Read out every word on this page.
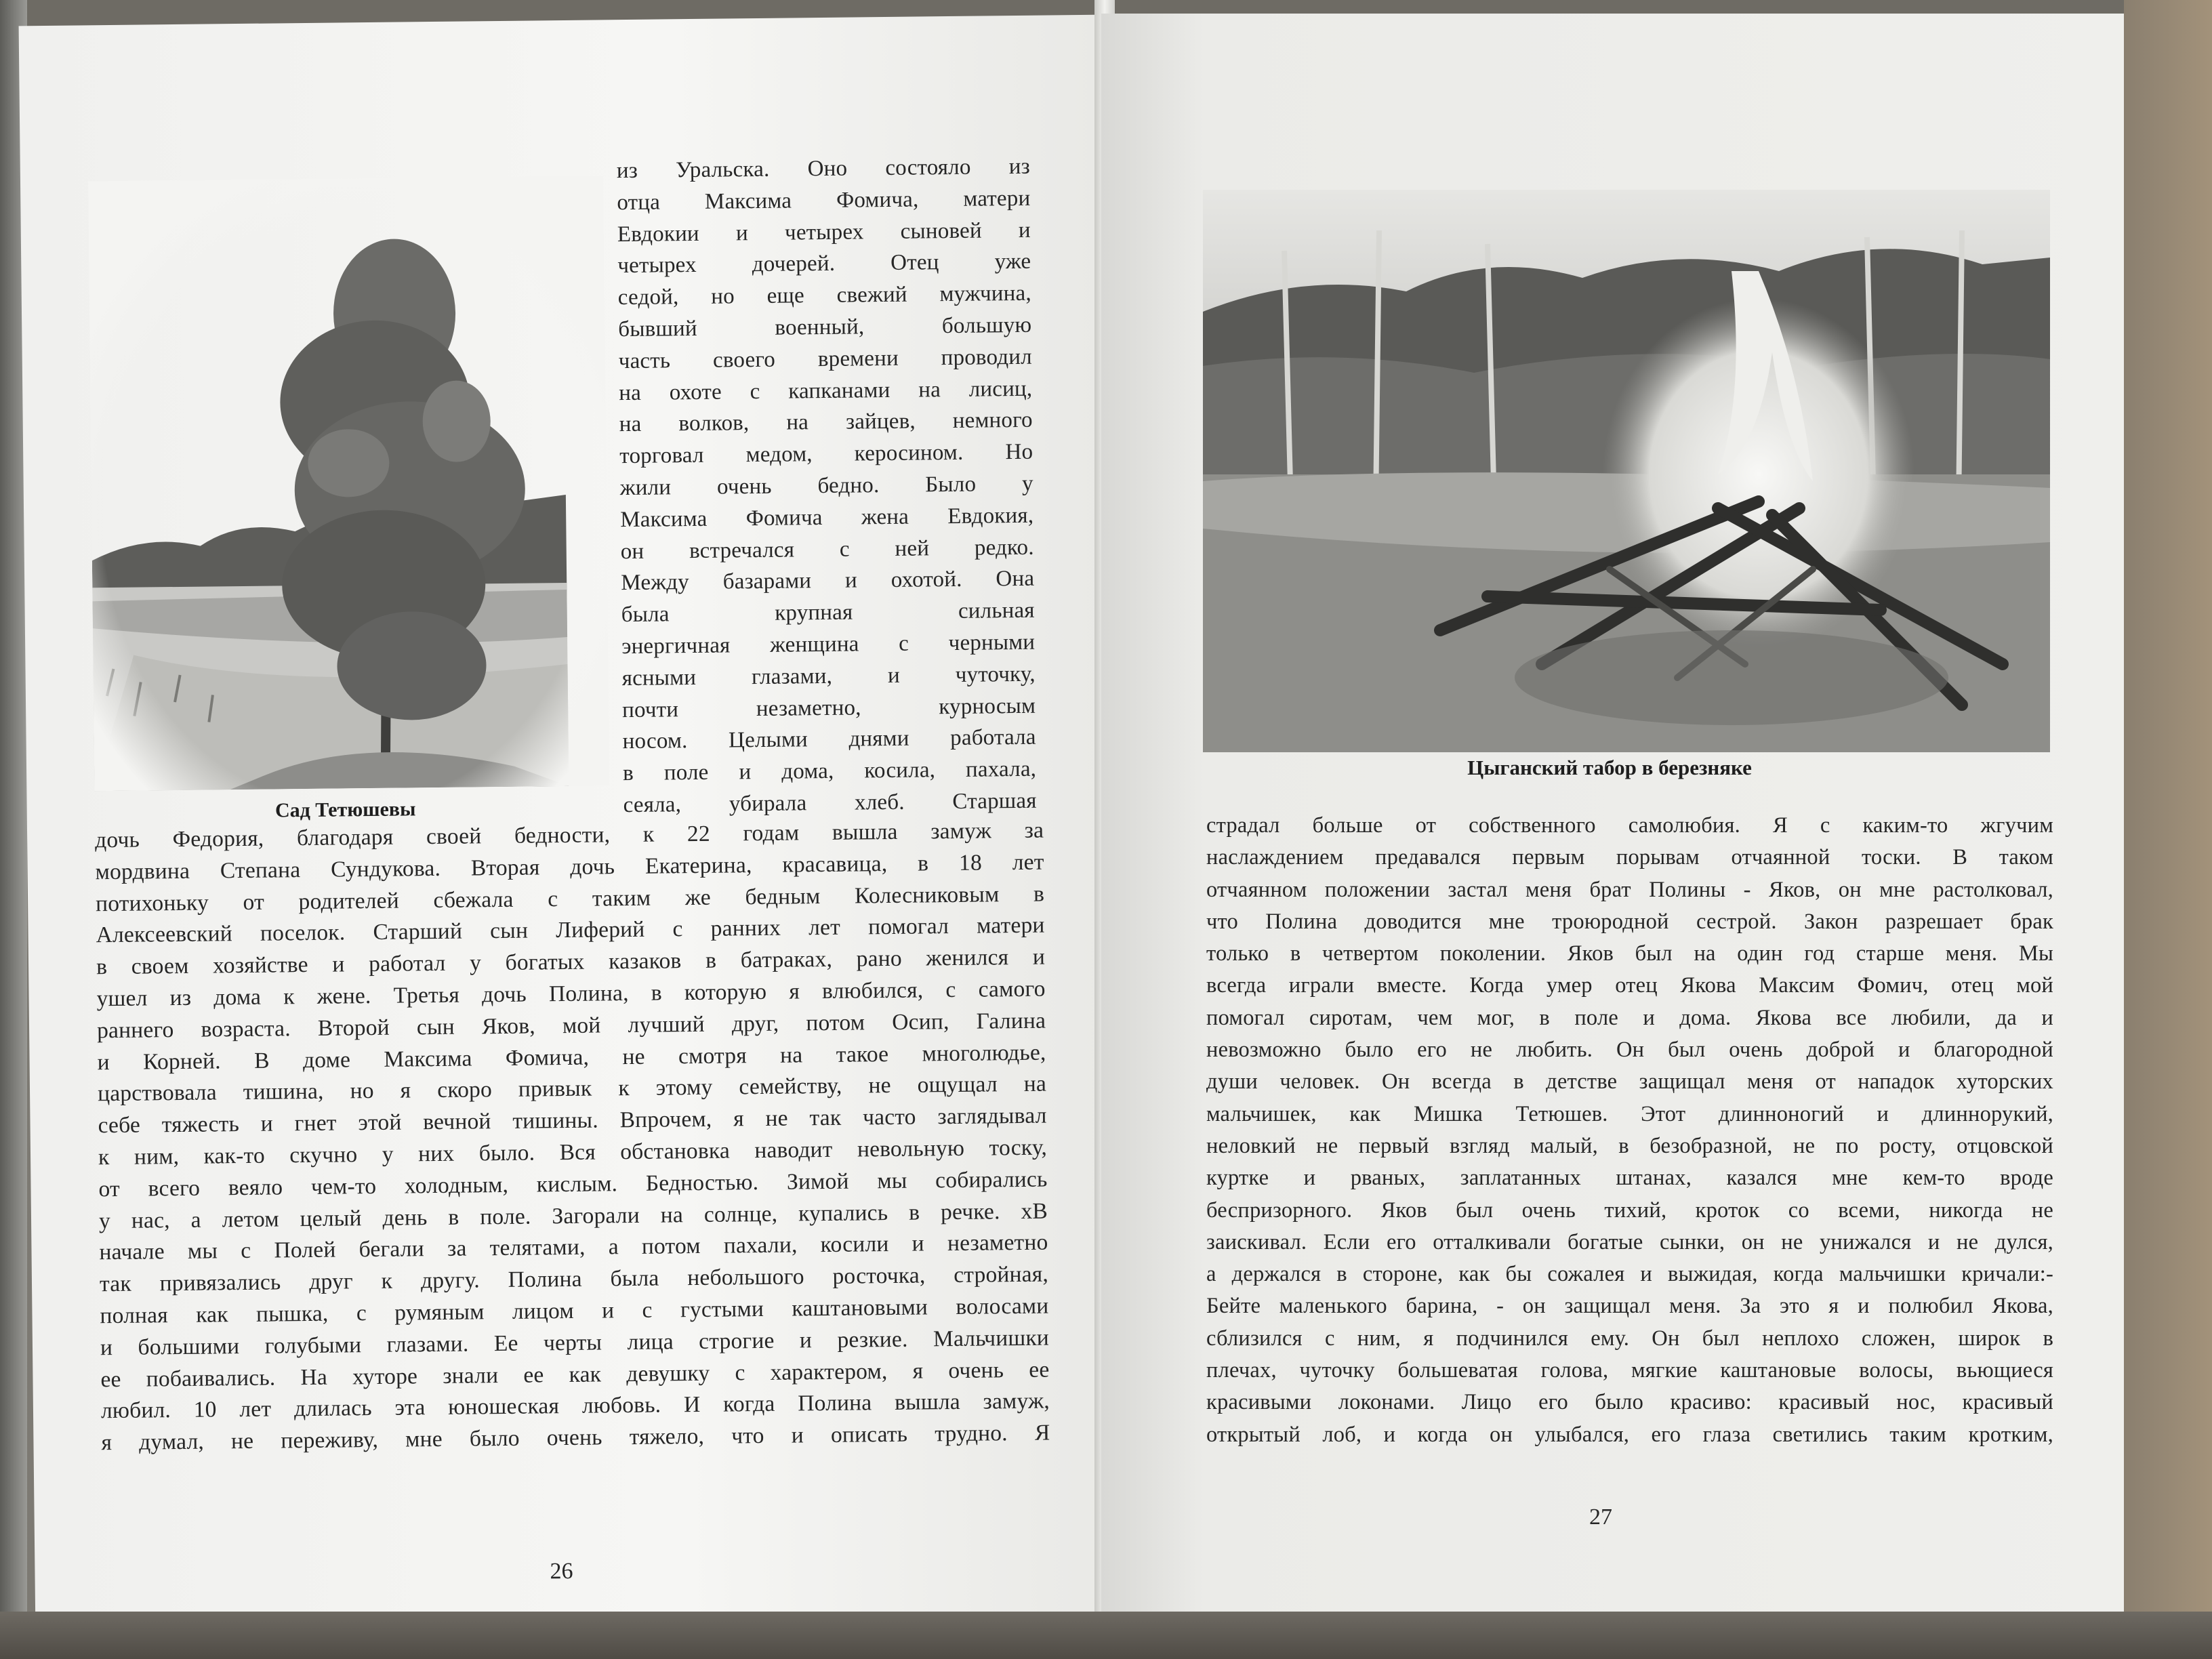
Сад Тетюшевы
из Уральска. Оно состояло из
отца Максима Фомича, матери
Евдокии и четырех сыновей и
четырех дочерей. Отец уже
седой, но еще свежий мужчина,
бывший военный, большую
часть своего времени проводил
на охоте с капканами на лисиц,
на волков, на зайцев, немного
торговал медом, керосином. Но
жили очень бедно. Было у
Максима Фомича жена Евдокия,
он встречался с ней редко.
Между базарами и охотой. Она
была крупная сильная
энергичная женщина с черными
ясными глазами, и чуточку,
почти незаметно, курносым
носом. Целыми днями работала
в поле и дома, косила, пахала,
сеяла, убирала хлеб. Старшая
дочь Федория, благодаря своей бедности, к 22 годам вышла замуж за
мордвина Степана Сундукова. Вторая дочь Екатерина, красавица, в 18 лет
потихоньку от родителей сбежала с таким же бедным Колесниковым в
Алексеевский поселок. Старший сын Лиферий с ранних лет помогал матери
в своем хозяйстве и работал у богатых казаков в батраках, рано женился и
ушел из дома к жене. Третья дочь Полина, в которую я влюбился, с самого
раннего возраста. Второй сын Яков, мой лучший друг, потом Осип, Галина
и Корней. В доме Максима Фомича, не смотря на такое многолюдье,
царствовала тишина, но я скоро привык к этому семейству, не ощущал на
себе тяжесть и гнет этой вечной тишины. Впрочем, я не так часто заглядывал
к ним, как-то скучно у них было. Вся обстановка наводит невольную тоску,
от всего веяло чем-то холодным, кислым. Бедностью. Зимой мы собирались
у нас, а летом целый день в поле. Загорали на солнце, купались в речке. хВ
начале мы с Полей бегали за телятами, а потом пахали, косили и незаметно
так привязались друг к другу. Полина была небольшого росточка, стройная,
полная как пышка, с румяным лицом и с густыми каштановыми волосами
и большими голубыми глазами. Ее черты лица строгие и резкие. Мальчишки
ее побаивались. На хуторе знали ее как девушку с характером, я очень ее
любил. 10 лет длилась эта юношеская любовь. И когда Полина вышла замуж,
я думал, не переживу, мне было очень тяжело, что и описать трудно. Я
26
Цыганский табор в березняке
страдал больше от собственного самолюбия. Я с каким-то жгучим
наслаждением предавался первым порывам отчаянной тоски. В таком
отчаянном положении застал меня брат Полины - Яков, он мне растолковал,
что Полина доводится мне троюродной сестрой. Закон разрешает брак
только в четвертом поколении. Яков был на один год старше меня. Мы
всегда играли вместе. Когда умер отец Якова Максим Фомич, отец мой
помогал сиротам, чем мог, в поле и дома. Якова все любили, да и
невозможно было его не любить. Он был очень доброй и благородной
души человек. Он всегда в детстве защищал меня от нападок хуторских
мальчишек, как Мишка Тетюшев. Этот длинноногий и длиннорукий,
неловкий не первый взгляд малый, в безобразной, не по росту, отцовской
куртке и рваных, заплатанных штанах, казался мне кем-то вроде
беспризорного. Яков был очень тихий, кроток со всеми, никогда не
заискивал. Если его отталкивали богатые сынки, он не унижался и не дулся,
а держался в стороне, как бы сожалея и выжидая, когда мальчишки кричали:-
Бейте маленького барина, - он защищал меня. За это я и полюбил Якова,
сблизился с ним, я подчинился ему. Он был неплохо сложен, широк в
плечах, чуточку большеватая голова, мягкие каштановые волосы, вьющиеся
красивыми локонами. Лицо его было красиво: красивый нос, красивый
открытый лоб, и когда он улыбался, его глаза светились таким кротким,
27
